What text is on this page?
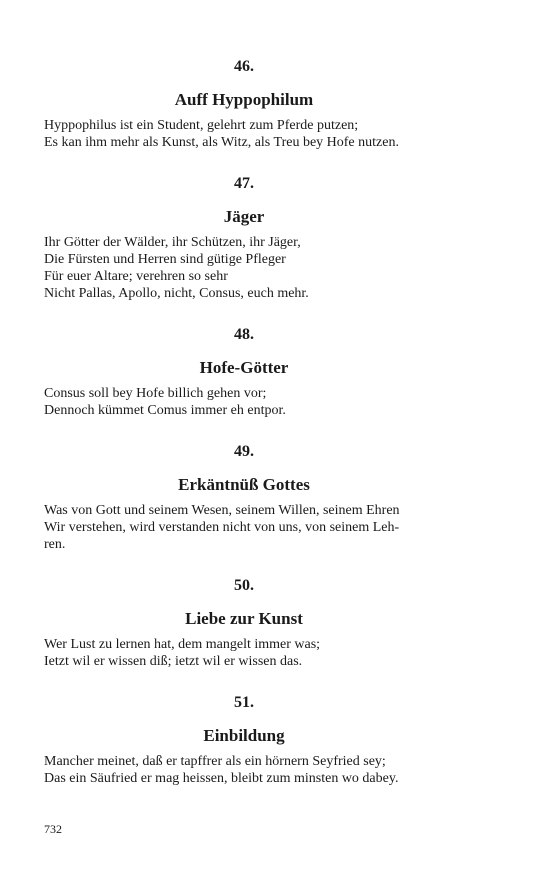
46.
Auff Hyppophilum
Hyppophilus ist ein Student, gelehrt zum Pferde putzen;
Es kan ihm mehr als Kunst, als Witz, als Treu bey Hofe nutzen.
47.
Jäger
Ihr Götter der Wälder, ihr Schützen, ihr Jäger,
Die Fürsten und Herren sind gütige Pfleger
Für euer Altare; verehren so sehr
Nicht Pallas, Apollo, nicht, Consus, euch mehr.
48.
Hofe-Götter
Consus soll bey Hofe billich gehen vor;
Dennoch kümmet Comus immer eh entpor.
49.
Erkäntnüß Gottes
Was von Gott und seinem Wesen, seinem Willen, seinem Ehren
Wir verstehen, wird verstanden nicht von uns, von seinem Leh-
ren.
50.
Liebe zur Kunst
Wer Lust zu lernen hat, dem mangelt immer was;
Ietzt wil er wissen diß; ietzt wil er wissen das.
51.
Einbildung
Mancher meinet, daß er tapffrer als ein hörnern Seyfried sey;
Das ein Säufried er mag heissen, bleibt zum minsten wo dabey.
732
